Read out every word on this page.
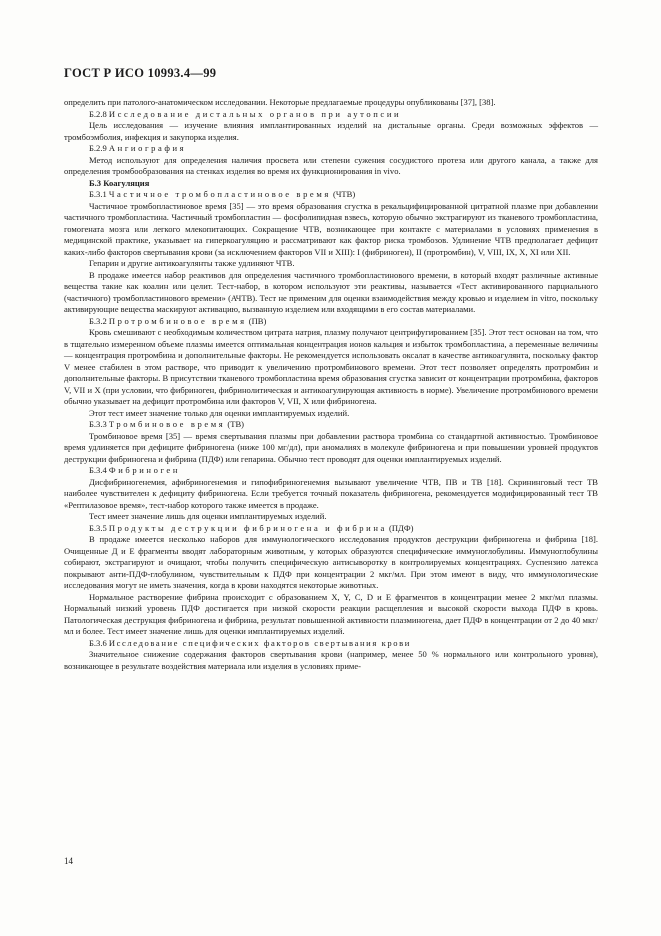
ГОСТ Р ИСО 10993.4—99

определить при патолого-анатомическом исследовании. Некоторые предлагаемые процедуры опубликованы [37], [38].

Б.2.8 Исследование дистальных органов при аутопсии

Цель исследования — изучение влияния имплантированных изделий на дистальные органы. Среди возможных эффектов — тромбоэмболия, инфекция и закупорка изделия.

Б.2.9 Ангиография

Метод используют для определения наличия просвета или степени сужения сосудистого протеза или другого канала, а также для определения тромбообразования на стенках изделия во время их функционирования in vivo.

Б.3 Коагуляция

Б.3.1 Частичное тромбопластиновое время (ЧТВ)

Частичное тромбопластиновое время [35] — это время образования сгустка в рекальцифицированной цитратной плазме при добавлении частичного тромбопластина. Частичный тромбопластин — фосфолипидная взвесь, которую обычно экстрагируют из тканевого тромбопластина, гомогената мозга или легкого млекопитающих. Сокращение ЧТВ, возникающее при контакте с материалами в условиях применения в медицинской практике, указывает на гиперкоагуляцию и рассматривают как фактор риска тромбозов. Удлинение ЧТВ предполагает дефицит каких-либо факторов свертывания крови (за исключением факторов VII и XIII): I (фибриноген), II (протромбин), V, VIII, IX, X, XI или XII.

Гепарин и другие антикоагулянты также удлиняют ЧТВ.

В продаже имеется набор реактивов для определения частичного тромбопластинового времени, в который входят различные активные вещества такие как коалин или целит. Тест-набор, в котором используют эти реактивы, называется «Тест активированного парциального (частичного) тромбопластинового времени» (АЧТВ). Тест не применим для оценки взаимодействия между кровью и изделием in vitro, поскольку активирующие вещества маскируют активацию, вызванную изделием или входящими в его состав материалами.

Б.3.2 Протромбиновое время (ПВ)

Кровь смешивают с необходимым количеством цитрата натрия, плазму получают центрифугированием [35]. Этот тест основан на том, что в тщательно измеренном объеме плазмы имеется оптимальная концентрация ионов кальция и избыток тромбопластина, а переменные величины — концентрация протромбина и дополнительные факторы. Не рекомендуется использовать оксалат в качестве антикоагулянта, поскольку фактор V менее стабилен в этом растворе, что приводит к увеличению протромбинового времени. Этот тест позволяет определять протромбин и дополнительные факторы. В присутствии тканевого тромбопластина время образования сгустка зависит от концентрации протромбина, факторов V, VII и X (при условии, что фибриноген, фибринолитическая и антикоагулирующая активность в норме). Увеличение протромбинового времени обычно указывает на дефицит протромбина или факторов V, VII, X или фибриногена.

Этот тест имеет значение только для оценки имплантируемых изделий.

Б.3.3 Тромбиновое время (ТВ)

Тромбиновое время [35] — время свертывания плазмы при добавлении раствора тромбина со стандартной активностью. Тромбиновое время удлиняется при дефиците фибриногена (ниже 100 мг/дл), при аномалиях в молекуле фибриногена и при повышении уровней продуктов деструкции фибриногена и фибрина (ПДФ) или гепарина. Обычно тест проводят для оценки имплантируемых изделий.

Б.3.4 Фибриноген

Дисфибриногенемия, афибриногенемия и гипофибриногенемия вызывают увеличение ЧТВ, ПВ и ТВ [18]. Скрининговый тест ТВ наиболее чувствителен к дефициту фибриногена. Если требуется точный показатель фибриногена, рекомендуется модифицированный тест ТВ «Рептилазовое время», тест-набор которого также имеется в продаже.

Тест имеет значение лишь для оценки имплантируемых изделий.

Б.3.5 Продукты деструкции фибриногена и фибрина (ПДФ)

В продаже имеется несколько наборов для иммунологического исследования продуктов деструкции фибриногена и фибрина [18]. Очищенные Д и Е фрагменты вводят лабораторным животным, у которых образуются специфические иммуноглобулины. Иммуноглобулины собирают, экстрагируют и очищают, чтобы получить специфическую антисыворотку в контролируемых концентрациях. Суспензию латекса покрывают анти-ПДФ-глобулином, чувствительным к ПДФ при концентрации 2 мкг/мл. При этом имеют в виду, что иммунологические исследования могут не иметь значения, когда в крови находятся некоторые животных.

Нормальное растворение фибрина происходит с образованием X, Y, C, D и E фрагментов в концентрации менее 2 мкг/мл плазмы. Нормальный низкий уровень ПДФ достигается при низкой скорости реакции расщепления и высокой скорости выхода ПДФ в кровь. Патологическая деструкция фибриногена и фибрина, результат повышенной активности плазминогена, дает ПДФ в концентрации от 2 до 40 мкг/мл и более. Тест имеет значение лишь для оценки имплантируемых изделий.

Б.3.6 Исследование специфических факторов свертывания крови

Значительное снижение содержания факторов свертывания крови (например, менее 50 % нормального или контрольного уровня), возникающее в результате воздействия материала или изделия в условиях приме-

14
